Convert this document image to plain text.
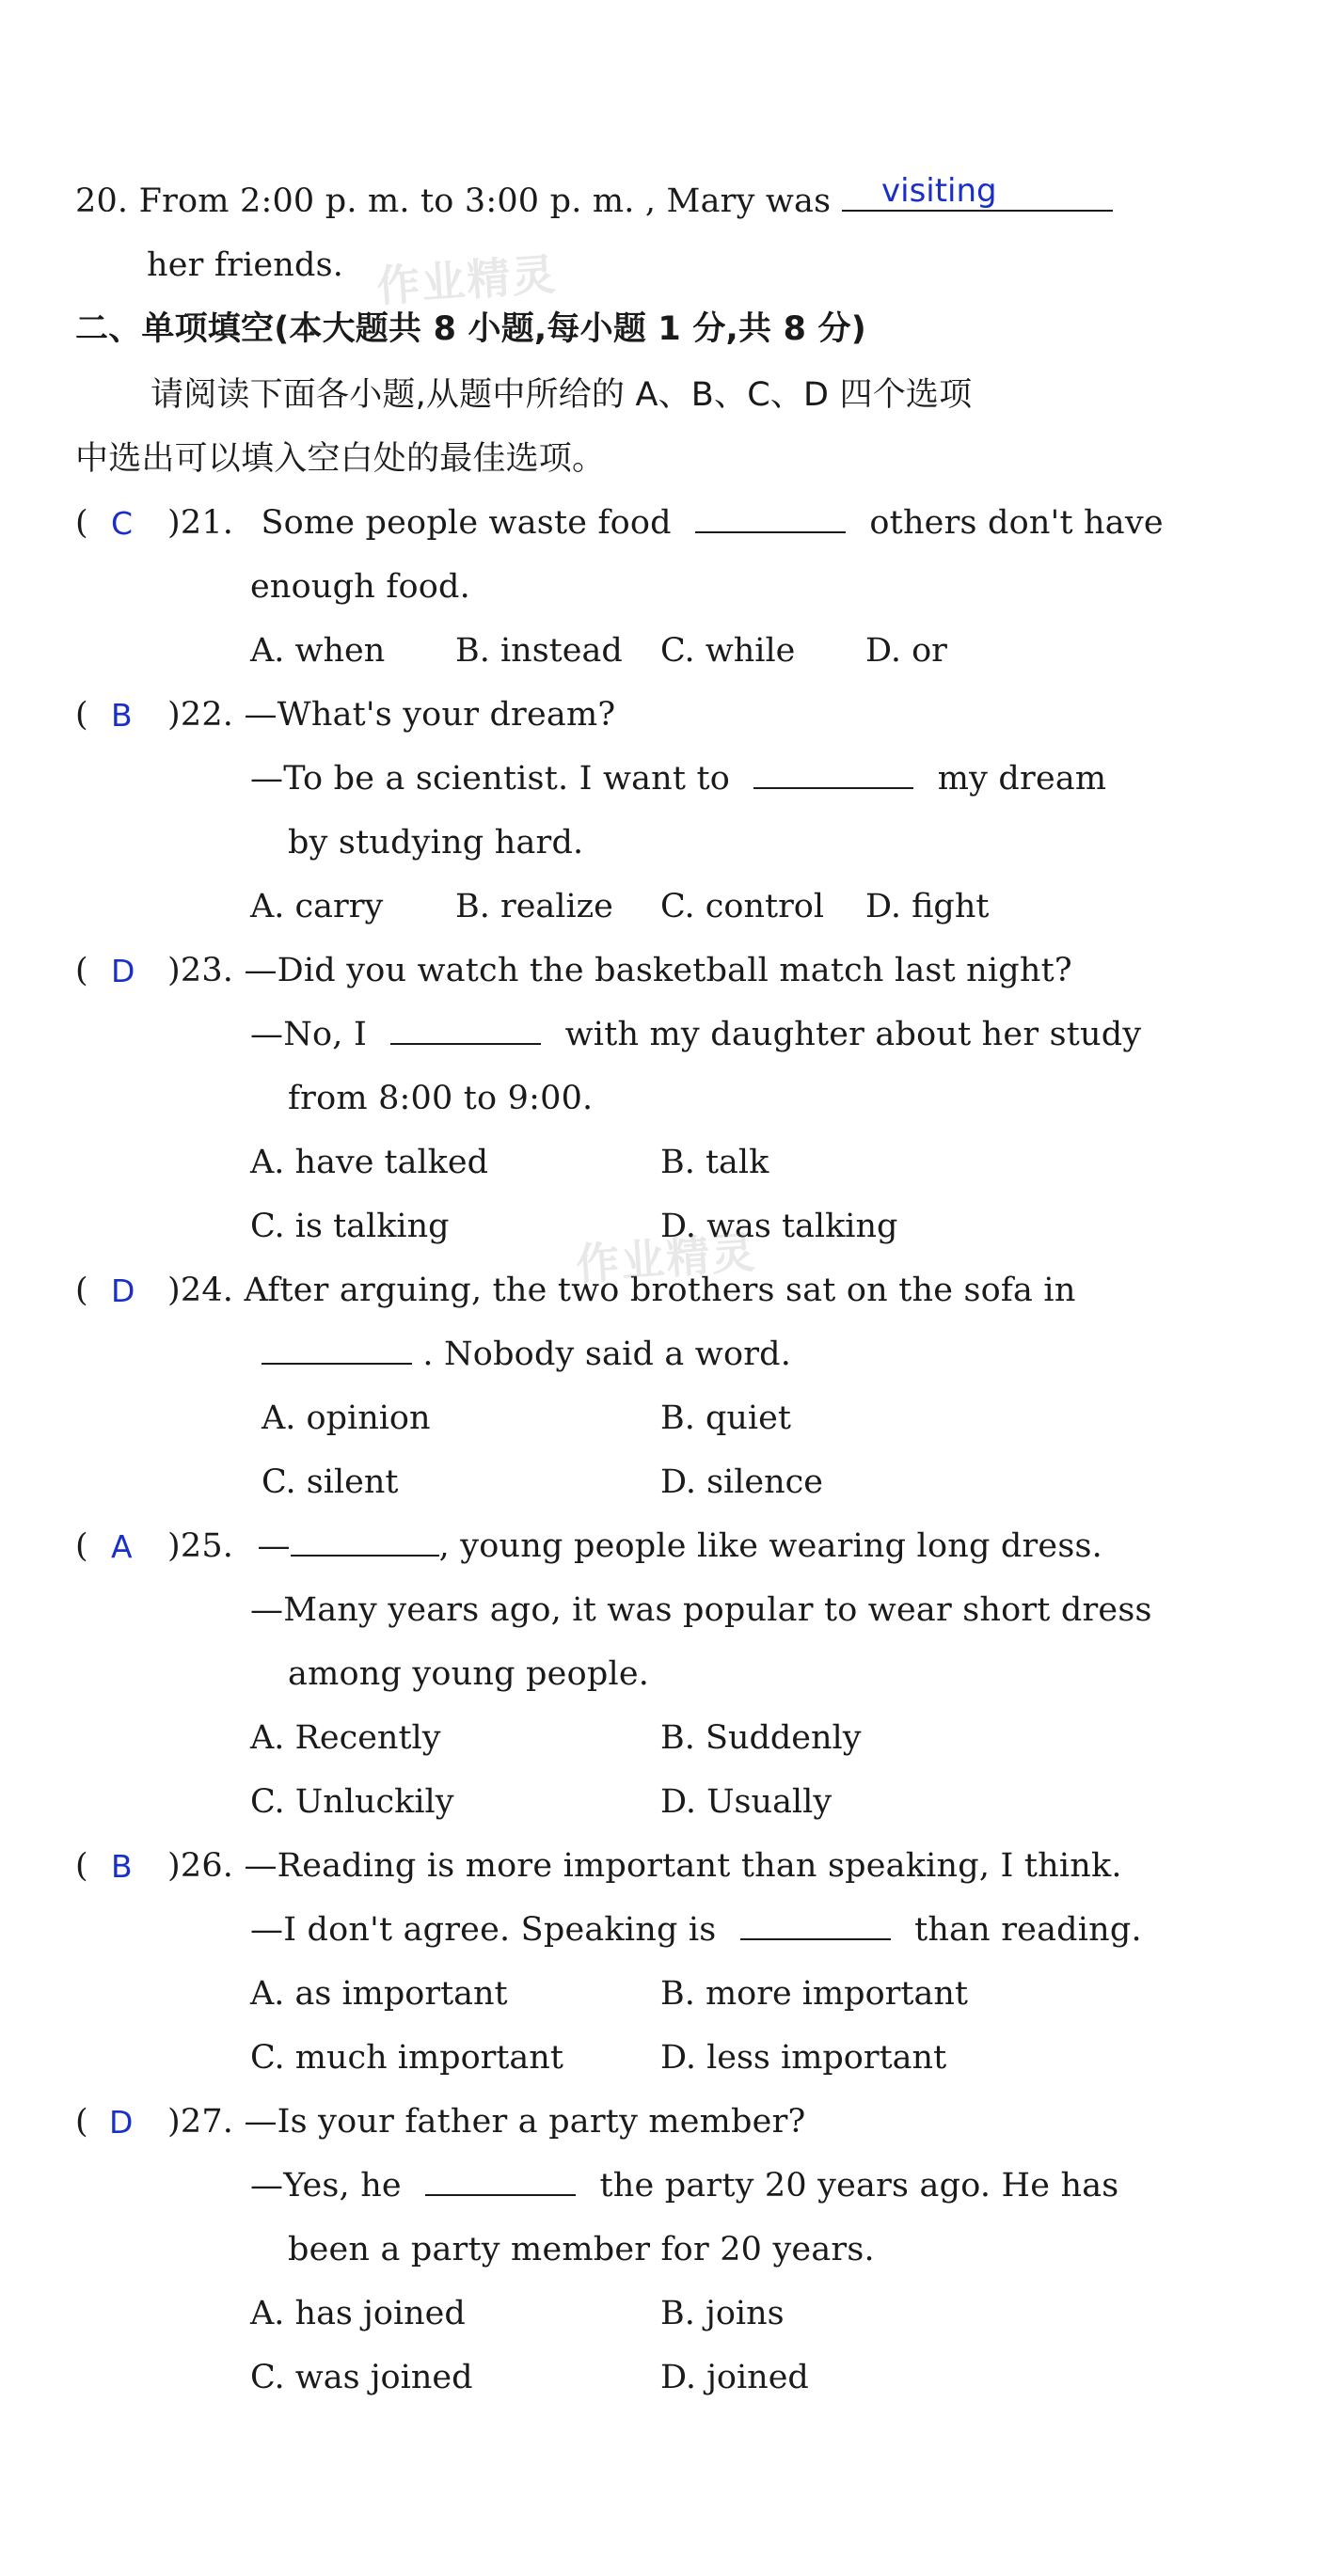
20. From 2:00 p. m. to 3:00 p. m. , Mary was	visiting
her friends.
二、单项填空(本大题共 8 小题,每小题 1 分,共 8 分)
请阅读下面各小题,从题中所给的 A、B、C、D 四个选项
中选出可以填入空白处的最佳选项。
( C )21. Some people waste food	others don't have
enough food.
A. when B. instead C. while D. or
( B )22. —What's your dream?
—To be a scientist. I want to	my dream
by studying hard.
A. carry B. realize C. control D. fight
( D )23. —Did you watch the basketball match last night?
—No, I	with my daughter about her study
from 8:00 to 9:00.
A. have talked	B. talk
C. is talking	D. was talking
( D )24. After arguing, the two brothers sat on the sofa in
. Nobody said a word.
A. opinion	B. quiet
C. silent	D. silence
( A )25. —	, young people like wearing long dress.
—Many years ago, it was popular to wear short dress
among young people.
A. Recently	B. Suddenly
C. Unluckily	D. Usually
( B )26. —Reading is more important than speaking, I think.
—I don't agree. Speaking is	than reading.
A. as important	B. more important
C. much important	D. less important
( D )27. —Is your father a party member?
—Yes, he	the party 20 years ago. He has
been a party member for 20 years.
A. has joined	B. joins
C. was joined	D. joined
作业精灵
作业精灵
